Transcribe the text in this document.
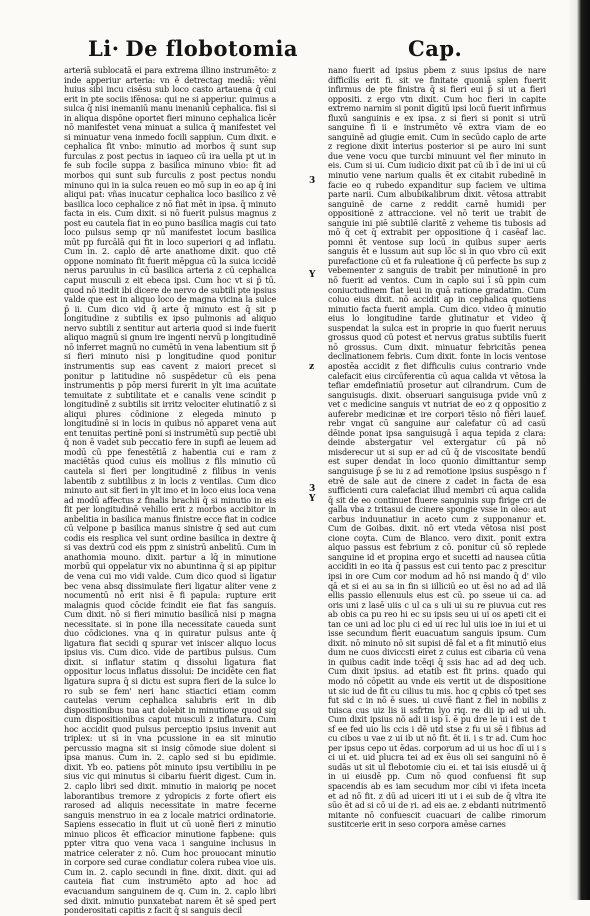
Li· De flobotomia	Cap.

arteriā sublocatā ei para extrema illino instrumēto: z inde apperiur arteria: vn ē detrectag mediā: vēni huius sibi incu cisēsu sub loco casto artauena q̄ cui erit in pte sociis ifēnosa: qui ne si apperiur. quimus a sulca q̄ nisi inemaniū manu inenaniū cephalica. fisi si in aliqua dispōne oportet fieri minuno cephalica licēr nō manifestet vena minuat a sulica q̄ manifestet vel si minuatur vena inmedo focili sappiun. Cum dixit. e cephalica fit vnbo: minutio ad morbos q̄ sunt sup furculas z post pectus in iaqueo cū ira uella pt ut in fe sub focile suppa z basilica minuno vbio: fit ad morbos qui sunt sub furculis z post pectus nondu minuno qui in ia sulca reuen eo mō sup in eo ap q̄ ini aliqui pat: vñas inucatur cephalica loco basilico z vē basilica loco cephalice z nō fiat mēt in ipsa. q̄ minuto facta in eis. Cum dixit. si nō fuerit pulsus magnus z post eu cautela fiat in eo puno basilica magis cui tato loco pulsus semp qr nū manifestet locum basilica mūt pp furcālā qui fit in loco superiori q ad inflatu. Cum in. 2. caplo dē arte anathome dixit. quo ctē oppone nominato fit fuerit mēpgua cū la suica iccidē nerus paruulus in cū basilica arteria z cū cephalica caput musculi z eit ebeca ipsi. Cum hoc vt si p̄ tū. quod nō itedit ibi dicere de nervo de subtili pte ipsius valde que est in aliquo loco de magna vicina la sulce p̄ ii. Cum dico vid q̄ arte q̄ minuto est q̄ sit p longitudine z subtilis ex ipso pulmonis ad aliquo nervo subtili z sentitur aut arteria quod si inde fuerit aliquo magnū si gnum ire ingenti nervū p longitudinē nō inferret magnū no cumētū in vena labentium sit p̄ si fieri minuto nisi p longitudine quod ponitur instrumentis sup eas cavent z maiori precet si ponitur p latitudine nō suspēdetur cū eis pena instrumentis p pōp mersi furerit in ylt ima acuitate temuitate z subtilitate et e canalis vene scindit p longitudinē z subtilis sit irritz velociter elutinatiō z si aliqui plures cōdinione z elegeda minuto p longitudinē si in locis in quibus nō apparet vena aut ent tenuitas pertinē poni si instrumētū sup pectiē ubi q̄ non ē vadet sub peccatio fere in supfi ae leuem ad modū cū ppe fenestētiā z habentia cui e ram z maciētās quod cuius eis mollius z fils minutio cū cautela si fieri per longitudinē z filibus in venis labentib z subtilibus z in locis z ventilas. Cum dico minuto aut sit fieri in ylt imo et in loco eius loca vena ad modū affectus z finalis brachii q̄ si minutio in eis fit per longitudinē vehilio erit z morbos accibitor in anbelitia in basilica manus finistre ecce fiat in codice cū velpone p basilica manus sinistre q̄ sed aut cum codis eis resplica vel sunt ordine basilica in dextre q̄ si vas dextrū cod eis ppm z sinistrū anbelitū. Cum in anathomia mouno. dixit. partur a lq̄ in minutione morbū qui oppelatur vix no abuntinna q̄ si ap pipitur de vena cui mo vidi valde. Cum dico quod si ligatur bec vena absq dissimulate fieri ligatur aliter vene z nocumentū nō erit nisi ē fi papula: rupture erit malagnis quod cōcide fcindit eie fiat fas sanguis. Cum dixit. nō si fieri minutio basilicā nisi p magna necessitate. si in pone illa necessitate caueda sunt duo cōdiciones. vna q in quiratur pulsus ante q̄ ligatura fiat secidi q spurar vet iniscer aliquo locus ipsius vis. Cum dico. vide de partibus pulsus. Cum dixit. si inflatur statim q dissolui ligatura fiat oppositur locus inflatus dissolui: De incidēte cen fiat ligatura supra q̄ si dictu est supra fieri de la sulce lo ro sub se fem' neri hanc stiactici etiam comm cautelas verum cephalica salubris erit in dib dispositionibus tua aut dolebit in minutione quod siq cum dispositionibus caput musculi z inflatura. Cum hoc accidit quod pulsus perceptio ipsius invenit aut triplex: ut si in vna pcussione in ea sit minutio percussio magna sit si insig cōmode siue dolent si ipsa manus. Cum in. 2. caplo sed si bu epidimie. dixit. Yb eo. patiens pōt minuto ipsu vertibiliu in pe sius vic qui minutus si cibariu fuerit digest. Cum in. 2. caplo libri sed dixit. minutio in maioriq pe nocet laborantibus tremore z ydropicis z forte ofiert eis rarosed ad aliquis necessitate in matre fecerne sanguis menstruo in ea z locale matrici ordinatorie. Sapiens essecatio in fluit ut cū uonē fieri z minutio minuo plicos ēt efficacior minutione fapbene: quis ppter vitra quo vena vaca i sanguine inclusus in matrice celerater z nō. Cum hoc prouocant minutio in corpore sed curae condiatur colera rubea vioe uis. Cum in. 2. caplo secundi in fine. dixit. dixit. qui ad cauteia fiat cum instrumēto apto ad hoc ad evacuandum sanguinem de q. Cum in. 2. caplo libri sed dixit. minutio punxatebat narem ēt sē sped pert ponderositati capitis z facit q̄ si sanguis decil

3
Y
z
3
Y

nano fuerit ad ipsius pbem z suus ipsius de nare difficilis erit fi. sit ve finitate quoniā splen fuerit infirmus de pte finistra q̄ si fieri eui p̄ si ut a fieri oppositi. z ergo vtn dixit. Cum hoc fieri in capite extremo narnim si ponit dīgitū ipsi locū fuerit infirmus fluxū sanguinis e ex ipsa. z si fieri si ponit si utrū sanguine fi ii e instrumēto vē extra viam de eo sanguinē ad giugie emit. Cum in secūdo caplo de arte z regione dixit interius posterior si pe auro ini sunt due vene vocu que turcbi minuunt vel fier minuto in eis. Cum si ui. Cum iudicio dixit pat cū ib ī de ini ui cū minutio vene narium qualis ēt ex citabit rubedinē in facie eo q rubedo expanditur sup faciem ve ultima parte narii. Cum albubikalibrum dixit. vētosa attrabit sanguinē de carne z reddit carnē humidi per oppositionē z attraccione. vel nō terit ue trabit de sanguie ini piē subtilē claritē z veheme tis tubosis ad mō q̄ cet q̄ extrabit per oppositione q̄ i casēaf lac. pomni ēt ventose sup locū in quibus super aeris sanguis ēt e lussum aut sup lōc si in quo vbro cū exit purefactione cū et fa ruleatione q̄ cū perfecte bs sup z vebementer z sanguis de trabit per minutionē in pro nō fuerit ad ventos. Cum in caplo sui ī sū ppin cum coniuctudinem fiat leui in quā ratione gradatim. Cum coluo eius dixit. nō accidit ap in cephalica quotiens minutio facta fuerit ampla. Cum dico. video q̄ minutio eius lo longitudine tarde glutinatur et video q̄ suspendat la sulca est in proprie in quo fuerit neruus grossus quod cū potest et nervus gratus subtilis fuerit nō grossus. Cum dixit. minuatur febricitās penea declinationem febris. Cum dixit. fonte in locis ventose apostēa accidit z fiet difficulis cuius contrario vnde calefacit eius circūferentia cū aqua calida vt vētosa la tefiar emdefiniatiū prosetur aut cilrandrum. Cum de sanguisugis. dixit. obseruari sanguisuga pvide vnū z vet c medicine sanguis vt nutriat de eo z q oppositio z auferebr medicinæ et ire corpori tēsio nō fiēri lauef. rebr vngat cū sanguine aur calefatur cū ad casū dēinde ponat ipsa sanguisugā ī aqua tepida z clara: deinde abstergatur vel extergatur cū pā nō misderecur ut si sup er ad cū q̄ de viscositate bendū est super dendat in loco quonio dimittantur semp sanguisuge p̄ se iu z ad remotione ipsius suspēsgo n f etrē de sale aut de cinere z cadet in facta de esa sufficienti cura calefaciat illud membri cū aqua calida q̄ sit de eo continuet fluere sanguinis sup firige cri de galla vba z tritasui de cinere spongie vsse in oleo: aut carbus induunatiur in aceto cum z supponanur et. Cum de Goibas. dixit. nō ert vteda vētosa nisi post cione coyta. Cum de Blanco. vero dixit. ponit extra alquo passus est febrium z cō. ponitur cū sō replede sanguine id et propina ergo et sucetti ad nausea cūtia acciditi in eo ita q̄ passus est cui tento pac z prescitur ipsi in ore Cum cor modum ad hō nsi mando q̄ d' vilo qā et si ei au sa in fin si iilliciū eo ut ēsi no ad ad ilā ellis passio ellenuuls eius est cū. po sseue ui ca. ad oris uni z lasē uiis c ul ca s uli ui su re piuvua cut res ab obis ca pu reo hi ec su ipsis seu ui ui os apeti cit ei tan ce uni ad loc plu ci ed ui rec lul uiis ioe in iui et ui isse secundum fierit euacuatum sanguis ipsum. Cum dixit. nō minuto nō sit supisi dē fal et a fit minutiō eius dum ne cuos diviccsti eiret z cuius est cibaria cū vena in quibus cadit inde tcēqi q̄ ssis hac ad ad deq ucb. Cum dixit ipsius. ad etatib est fit prins. quado qui modo nō cōpetit au vnde eis vertit ut de dispositione ut sic iud de fit cu cilius tu mis. hoc q cpbis cō tpet ses fut sid c in nō ē sues. ui cuvē fiant z fiel in nobilis z tuisca cus uiz lis ii ssfrtm lyo riq. re dii ip ad ui uh. Cum dixit ipsius nō adi ii isp ī. ē pu dre le ui i est de t sf ee fed uio lis ccis i dē utd stse z fu ui sē i fibius ad cu cibos u vae z ui ib ut nō fit. ēt ii. i s tr ad. Cum hoc per ipsus cepo ut ēdas. corporum ad ui us hoc dī ui i s ci ui et. uid plucra tei ad ex ēus oli sei sanguini nō ē sudās ut sit ul flebotomie ciu ei. et tai isis eiusdē ui q̄ in ui eiusdē pp. Cum nō quod confuensi fit sup spacendis ab es iam secudum mor cibi vi ifeta inceta et ad nō fit. z dū ad uiceri iti ut i ei sub de q̄ vltra ite sūo ēt ad si cō ui de ri. ad eis ae. z ebdanti nutrimentō mitante nō confuescit cuacuari de calibe rimorum sustitcerie erit in seso corpora amēse carnes
